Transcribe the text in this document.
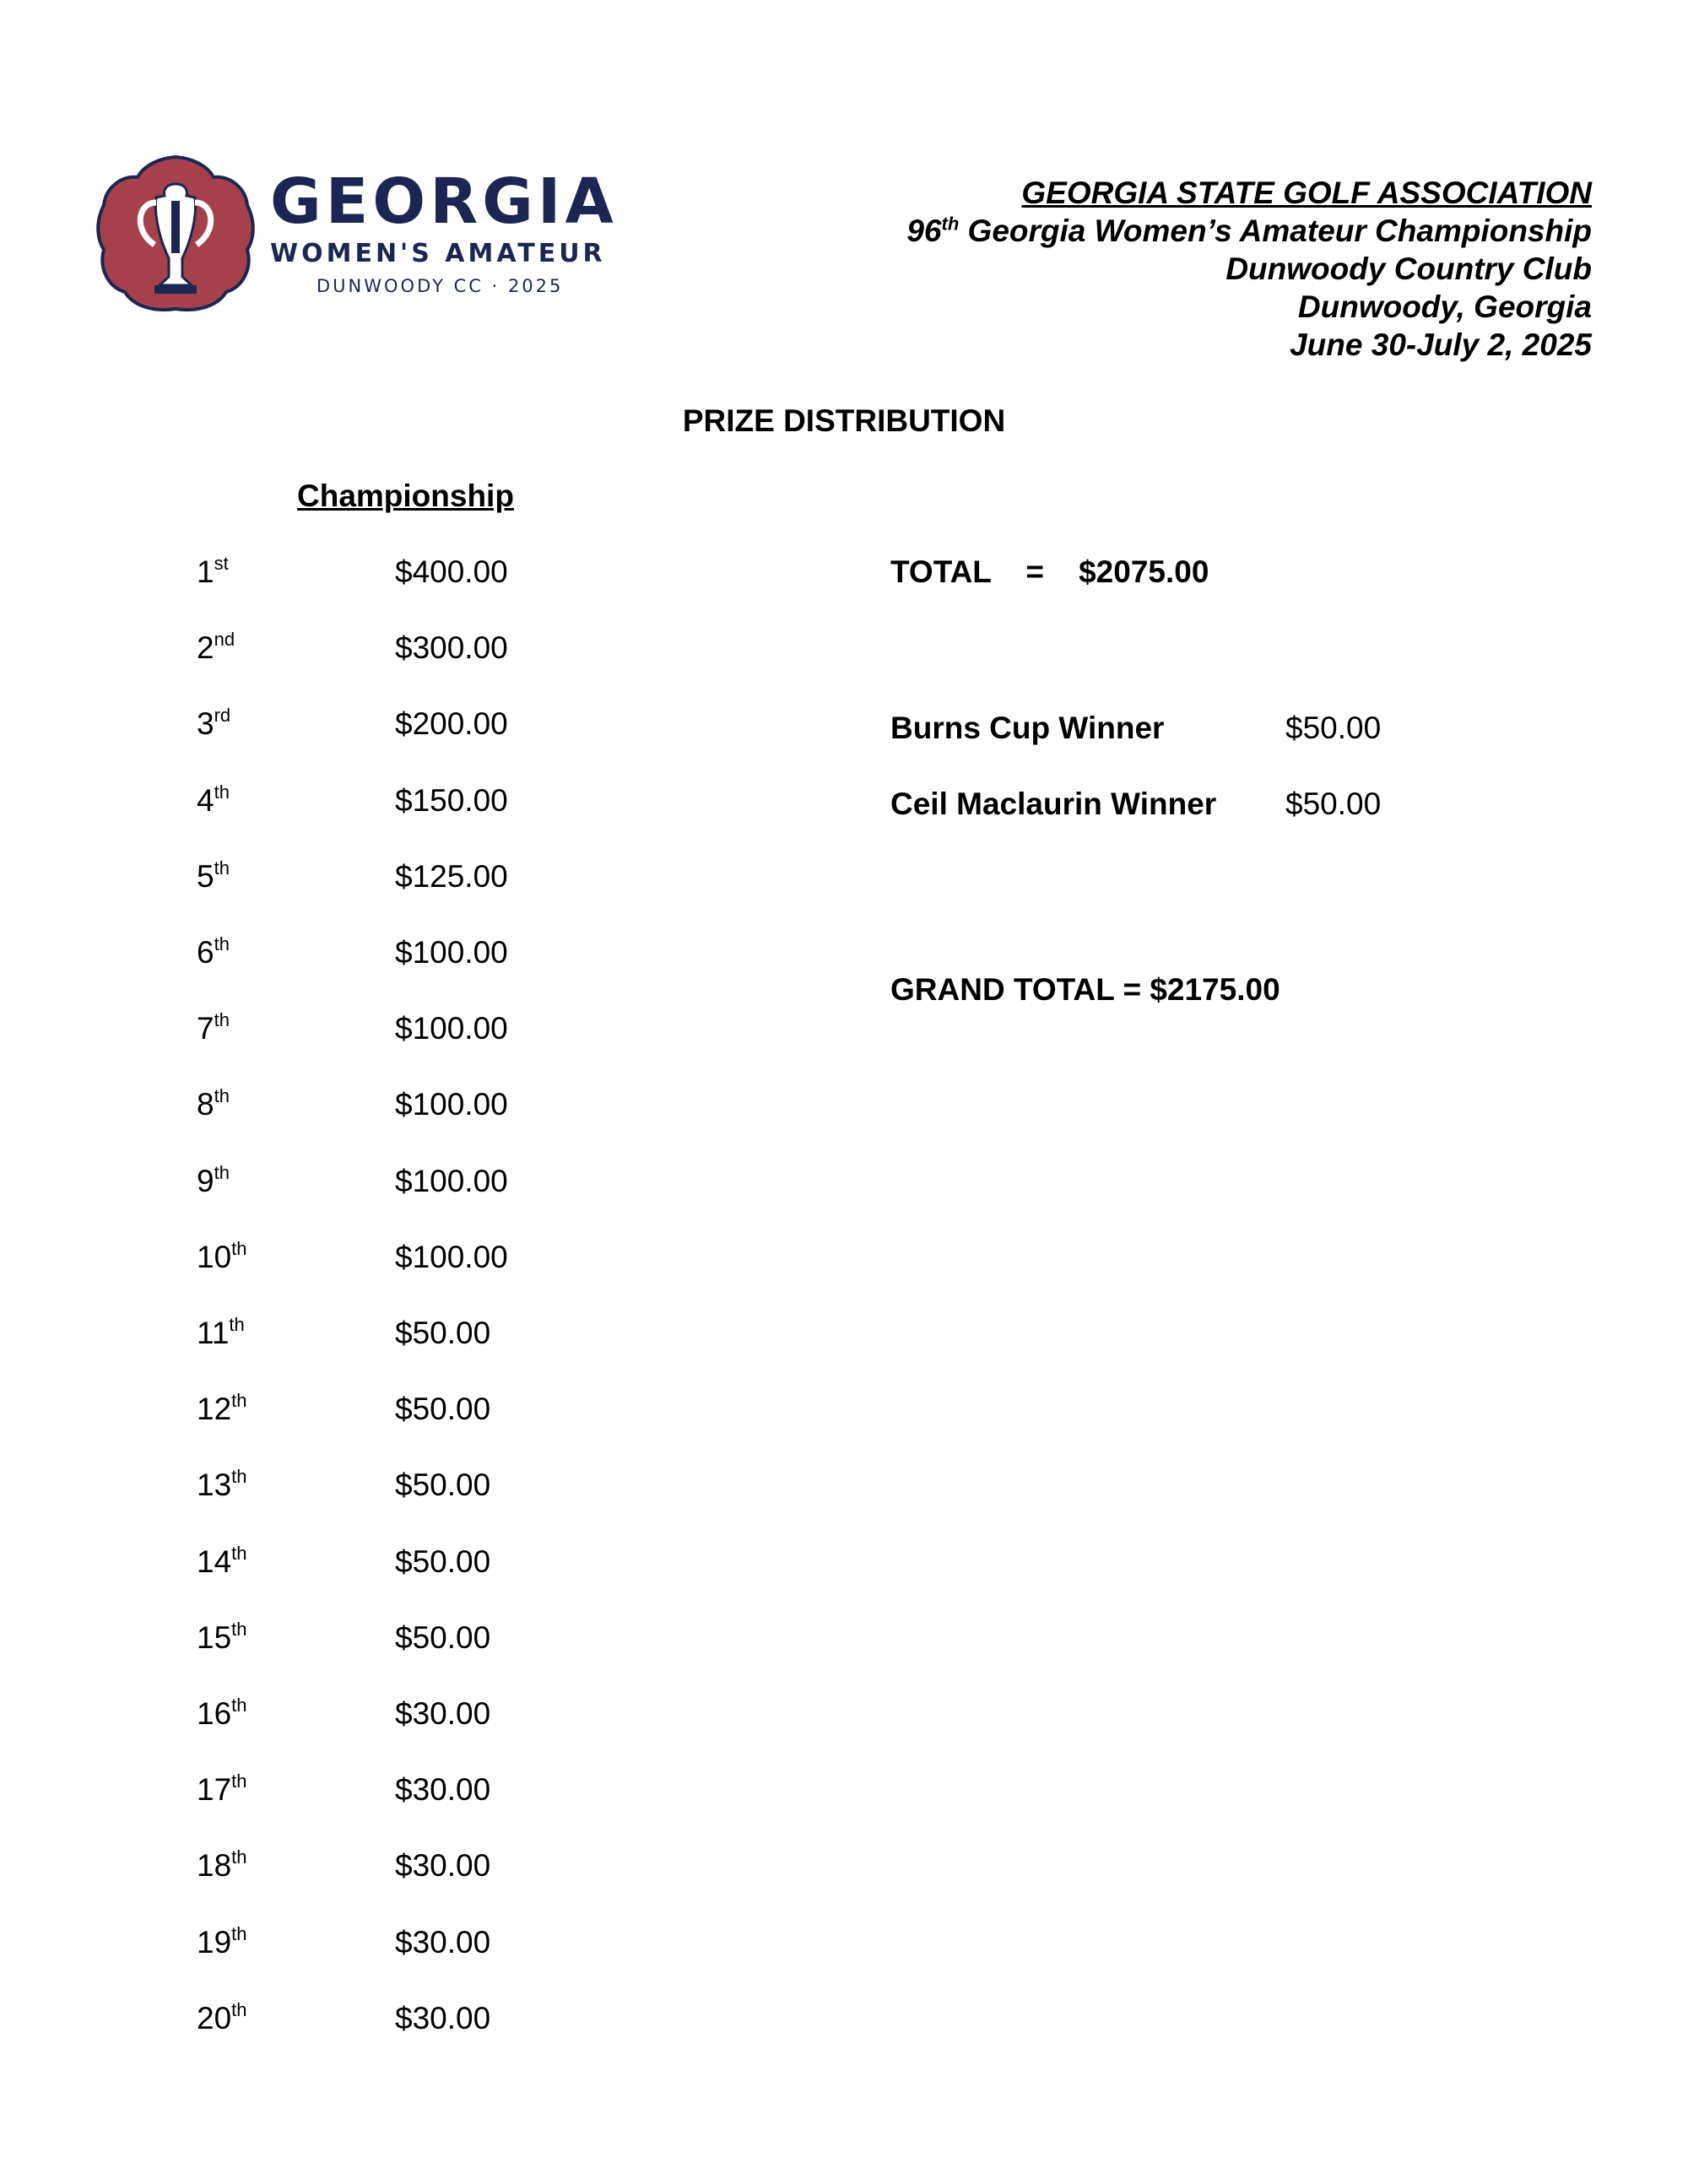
GEORGIA
WOMEN'S AMATEUR
DUNWOODY CC · 2025
GEORGIA STATE GOLF ASSOCIATION
96th Georgia Women’s Amateur Championship
Dunwoody Country Club
Dunwoody, Georgia
June 30-July 2, 2025
PRIZE DISTRIBUTION
Championship
1st	$400.00
2nd	$300.00
3rd	$200.00
4th	$150.00
5th	$125.00
6th	$100.00
7th	$100.00
8th	$100.00
9th	$100.00
10th	$100.00
11th	$50.00
12th	$50.00
13th	$50.00
14th	$50.00
15th	$50.00
16th	$30.00
17th	$30.00
18th	$30.00
19th	$30.00
20th	$30.00
TOTAL = $2075.00
Burns Cup Winner	$50.00
Ceil Maclaurin Winner $50.00
GRAND TOTAL = $2175.00
